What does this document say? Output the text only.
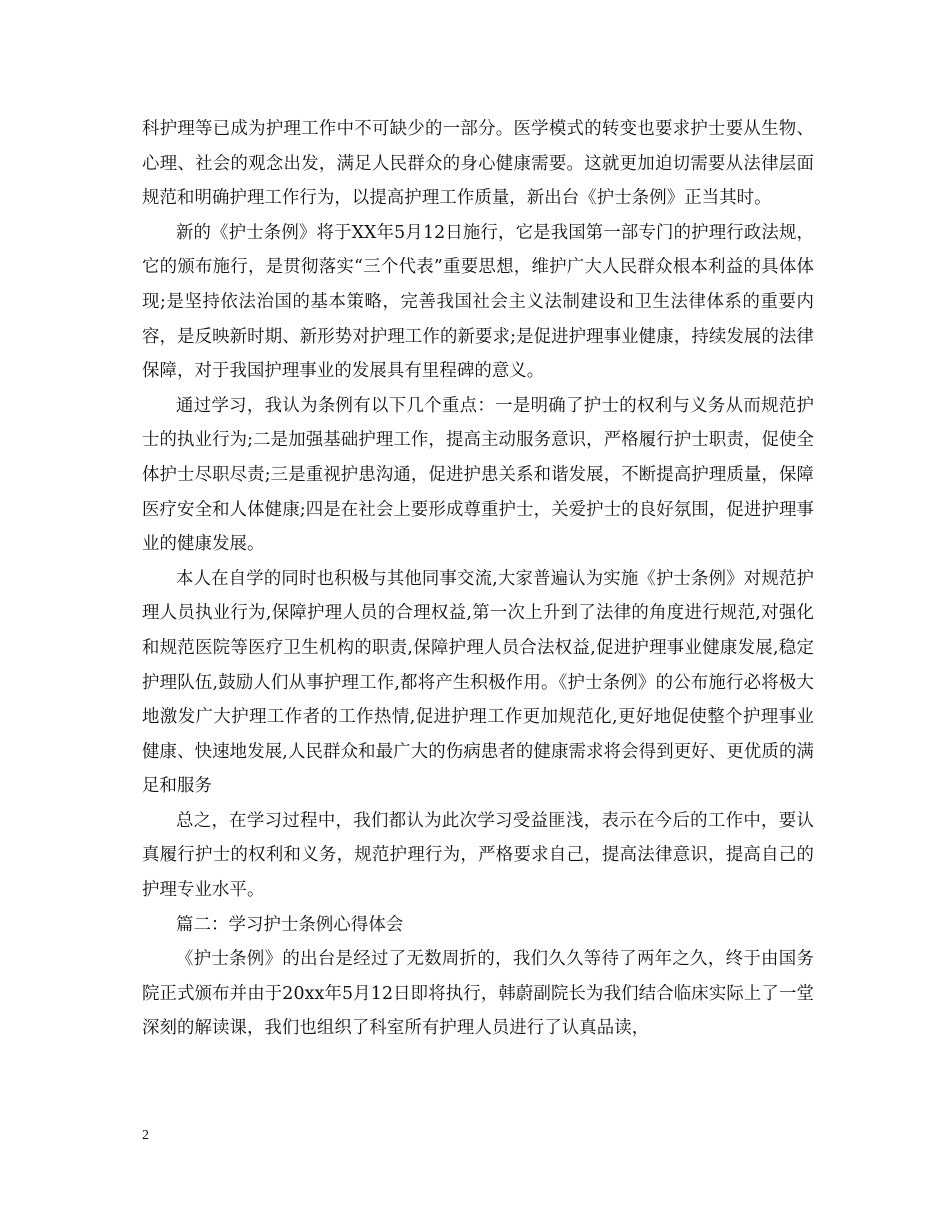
科护理等已成为护理工作中不可缺少的一部分。医学模式的转变也要求护士要从生物、心理、社会的观念出发，满足人民群众的身心健康需要。这就更加迫切需要从法律层面规范和明确护理工作行为，以提高护理工作质量，新出台《护士条例》正当其时。

新的《护士条例》将于XX年5月12日施行，它是我国第一部专门的护理行政法规，它的颁布施行，是贯彻落实“三个代表”重要思想，维护广大人民群众根本利益的具体体现;是坚持依法治国的基本策略，完善我国社会主义法制建设和卫生法律体系的重要内容，是反映新时期、新形势对护理工作的新要求;是促进护理事业健康，持续发展的法律保障，对于我国护理事业的发展具有里程碑的意义。

通过学习，我认为条例有以下几个重点：一是明确了护士的权利与义务从而规范护士的执业行为;二是加强基础护理工作，提高主动服务意识，严格履行护士职责，促使全体护士尽职尽责;三是重视护患沟通，促进护患关系和谐发展，不断提高护理质量，保障医疗安全和人体健康;四是在社会上要形成尊重护士，关爱护士的良好氛围，促进护理事业的健康发展。

本人在自学的同时也积极与其他同事交流,大家普遍认为实施《护士条例》对规范护理人员执业行为,保障护理人员的合理权益,第一次上升到了法律的角度进行规范,对强化和规范医院等医疗卫生机构的职责,保障护理人员合法权益,促进护理事业健康发展,稳定护理队伍,鼓励人们从事护理工作,都将产生积极作用。《护士条例》的公布施行必将极大地激发广大护理工作者的工作热情,促进护理工作更加规范化,更好地促使整个护理事业健康、快速地发展,人民群众和最广大的伤病患者的健康需求将会得到更好、更优质的满足和服务

总之，在学习过程中，我们都认为此次学习受益匪浅，表示在今后的工作中，要认真履行护士的权利和义务，规范护理行为，严格要求自己，提高法律意识，提高自己的护理专业水平。

篇二：学习护士条例心得体会

《护士条例》的出台是经过了无数周折的，我们久久等待了两年之久，终于由国务院正式颁布并由于20xx年5月12日即将执行，韩蔚副院长为我们结合临床实际上了一堂深刻的解读课，我们也组织了科室所有护理人员进行了认真品读，

2
